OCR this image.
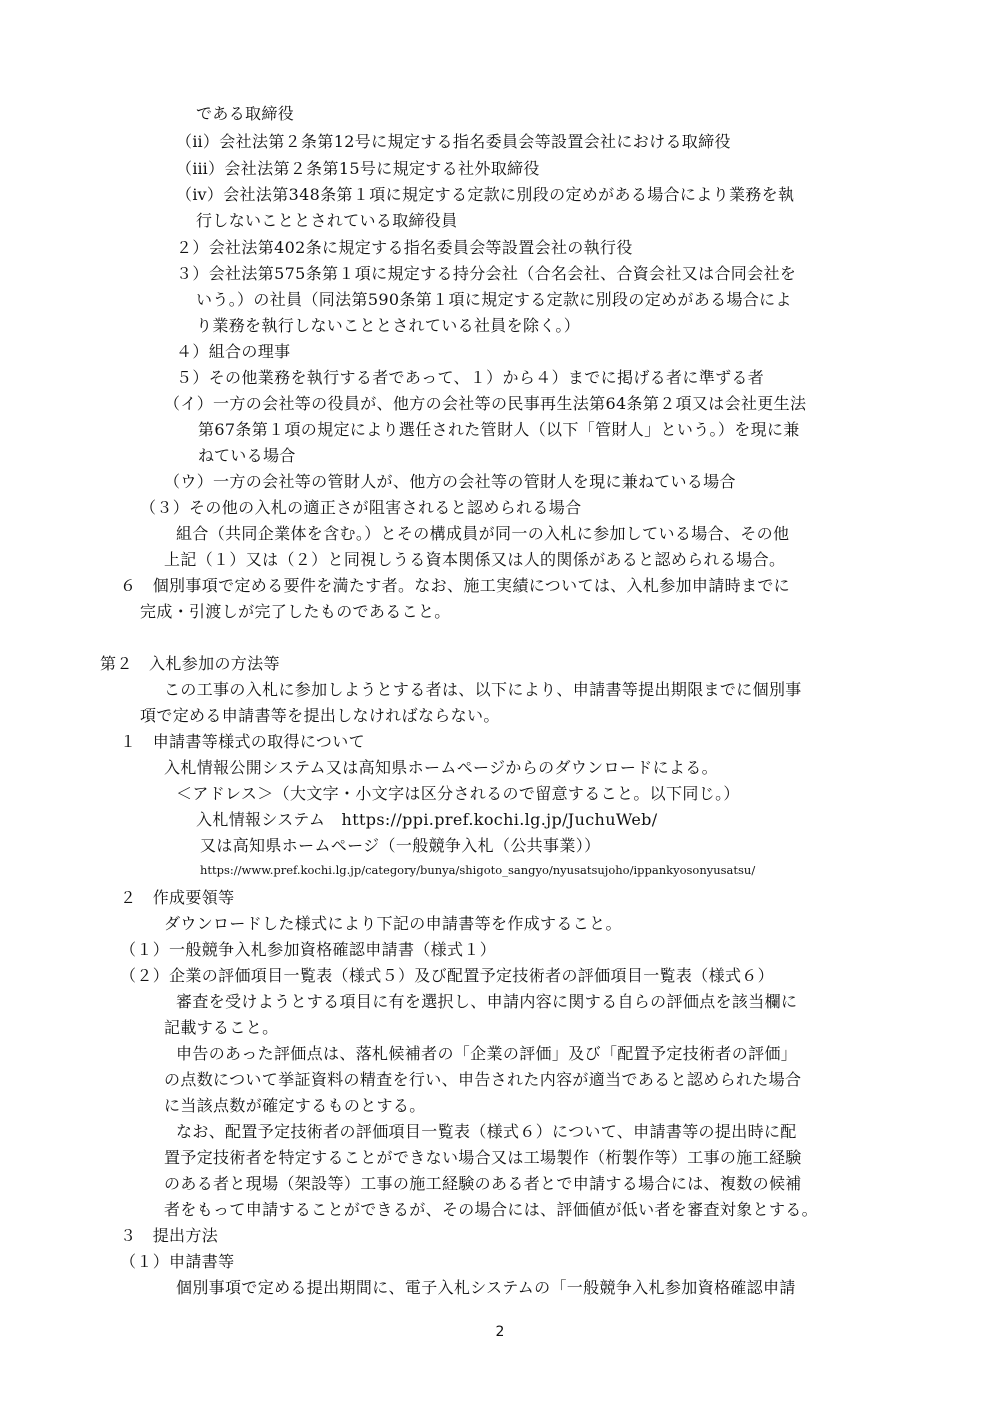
である取締役
（ⅱ）会社法第２条第12号に規定する指名委員会等設置会社における取締役
（ⅲ）会社法第２条第15号に規定する社外取締役
（ⅳ）会社法第348条第１項に規定する定款に別段の定めがある場合により業務を執
行しないこととされている取締役員
２）会社法第402条に規定する指名委員会等設置会社の執行役
３）会社法第575条第１項に規定する持分会社（合名会社、合資会社又は合同会社を
いう。）の社員（同法第590条第１項に規定する定款に別段の定めがある場合によ
り業務を執行しないこととされている社員を除く。）
４）組合の理事
５）その他業務を執行する者であって、１）から４）までに掲げる者に準ずる者
（イ）一方の会社等の役員が、他方の会社等の民事再生法第64条第２項又は会社更生法
第67条第１項の規定により選任された管財人（以下「管財人」という。）を現に兼
ねている場合
（ウ）一方の会社等の管財人が、他方の会社等の管財人を現に兼ねている場合
（３）その他の入札の適正さが阻害されると認められる場合
組合（共同企業体を含む。）とその構成員が同一の入札に参加している場合、その他
上記（１）又は（２）と同視しうる資本関係又は人的関係があると認められる場合。
６　個別事項で定める要件を満たす者。なお、施工実績については、入札参加申請時までに
完成・引渡しが完了したものであること。
第２　入札参加の方法等
この工事の入札に参加しようとする者は、以下により、申請書等提出期限までに個別事
項で定める申請書等を提出しなければならない。
１　申請書等様式の取得について
入札情報公開システム又は高知県ホームページからのダウンロードによる。
＜アドレス＞（大文字・小文字は区分されるので留意すること。以下同じ。）
入札情報システム　https://ppi.pref.kochi.lg.jp/JuchuWeb/
又は高知県ホームページ（一般競争入札（公共事業））
https://www.pref.kochi.lg.jp/category/bunya/shigoto_sangyo/nyusatsujoho/ippankyosonyusatsu/
２　作成要領等
ダウンロードした様式により下記の申請書等を作成すること。
（１）一般競争入札参加資格確認申請書（様式１）
（２）企業の評価項目一覧表（様式５）及び配置予定技術者の評価項目一覧表（様式６）
審査を受けようとする項目に有を選択し、申請内容に関する自らの評価点を該当欄に
記載すること。
申告のあった評価点は、落札候補者の「企業の評価」及び「配置予定技術者の評価」
の点数について挙証資料の精査を行い、申告された内容が適当であると認められた場合
に当該点数が確定するものとする。
なお、配置予定技術者の評価項目一覧表（様式６）について、申請書等の提出時に配
置予定技術者を特定することができない場合又は工場製作（桁製作等）工事の施工経験
のある者と現場（架設等）工事の施工経験のある者とで申請する場合には、複数の候補
者をもって申請することができるが、その場合には、評価値が低い者を審査対象とする。
３　提出方法
（１）申請書等
個別事項で定める提出期間に、電子入札システムの「一般競争入札参加資格確認申請
2
